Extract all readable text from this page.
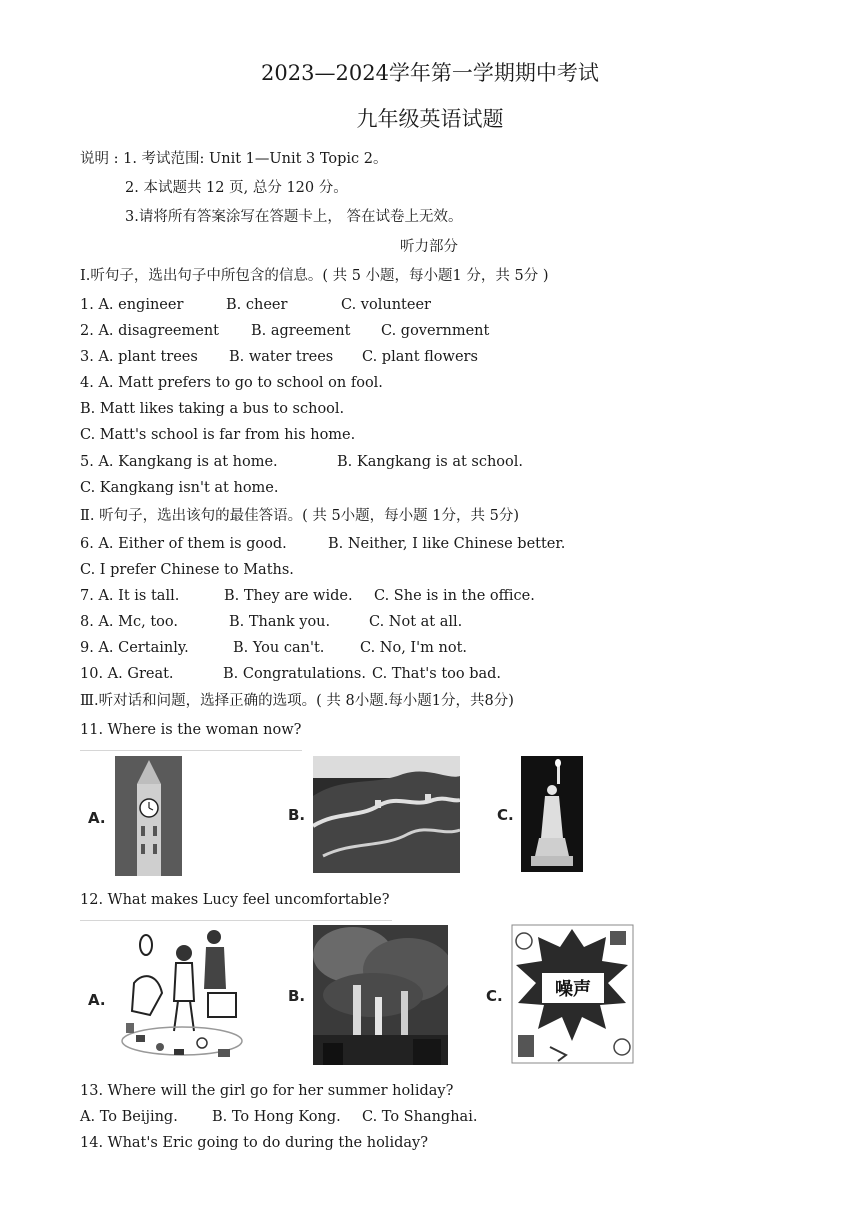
2023—2024学年第一学期期中考试
九年级英语试题
说明 : 1. 考试范围: Unit 1—Unit 3 Topic 2。
2. 本试题共 12 页, 总分 120 分。
3.请将所有答案涂写在答题卡上， 答在试卷上无效。
听力部分
Ⅰ.听句子，选出句子中所包含的信息。( 共 5 小题，每小题1 分，共 5分 )
1. A. engineer	B. cheer	C. volunteer
2. A. disagreement B. agreement C. government
3. A. plant trees B. water trees C. plant flowers
4. A. Matt prefers to go to school on fool.
B. Matt likes taking a bus to school.
C. Matt's school is far from his home.
5. A. Kangkang is at home.	B. Kangkang is at school.
C. Kangkang isn't at home.
Ⅱ. 听句子，选出该句的最佳答语。( 共 5小题，每小题 1分，共 5分)
6. A. Either of them is good.	B. Neither, I like Chinese better.
C. I prefer Chinese to Maths.
7. A. It is tall.	B. They are wide. C. She is in the office.
8. A. Mc, too.	B. Thank you.	C. Not at all.
9. A. Certainly.	B. You can't. C. No, I'm not.
10. A. Great.	B. Congratulations. C. That's too bad.
Ⅲ.听对话和问题，选择正确的选项。( 共 8小题.每小题1分，共8分)
11. Where is the woman now?
A.	B.	C.
12. What makes Lucy feel uncomfortable?
A.	B.	C.	噪声
13. Where will the girl go for her summer holiday?
A. To Beijing. B. To Hong Kong. C. To Shanghai.
14. What's Eric going to do during the holiday?
